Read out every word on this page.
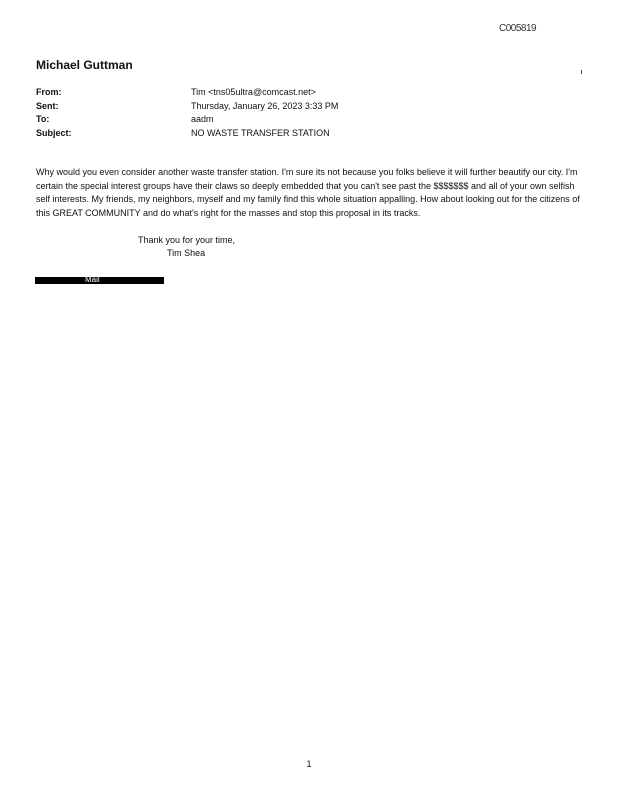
C005819
Michael Guttman
From:	Tim <tns05ultra@comcast.net>
Sent:	Thursday, January 26, 2023 3:33 PM
To:	aadm
Subject:	NO WASTE TRANSFER STATION

Why would you even consider another waste transfer station. I'm sure its not because you folks believe it will further beautify our city. I'm certain the special interest groups have their claws so deeply embedded that you can't see past the $$$$$$$ and all of your own selfish self interests. My friends, my neighbors, myself and my family find this whole situation appalling. How about looking out for the citizens of this GREAT COMMUNITY and do what's right for the masses and stop this proposal in its tracks.

Thank you for your time,
Tim Shea
Mail
1
